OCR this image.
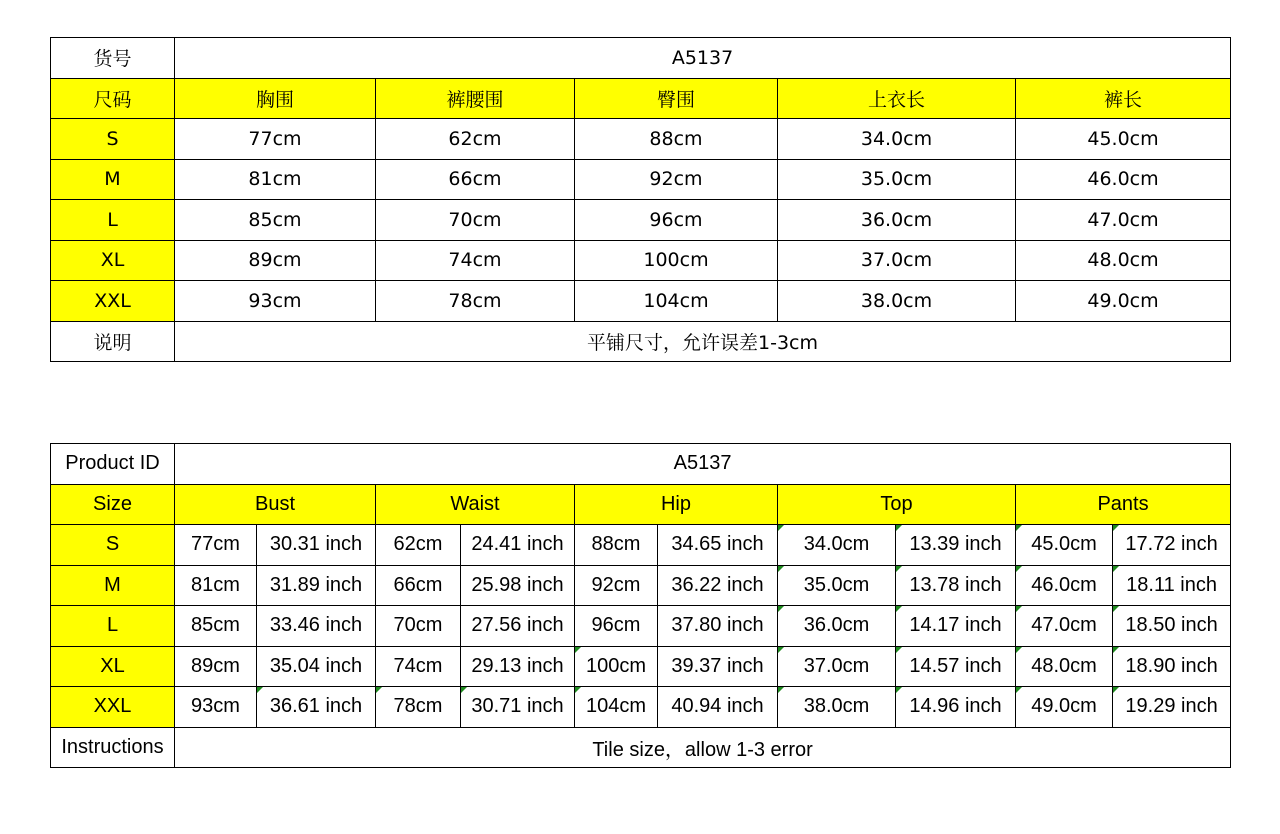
货号	A5137				
尺码	胸围	裤腰围	臀围	上衣长	裤长
S	77cm	62cm	88cm	34.0cm	45.0cm
M	81cm	66cm	92cm	35.0cm	46.0cm
L	85cm	70cm	96cm	36.0cm	47.0cm
XL	89cm	74cm	100cm	37.0cm	48.0cm
XXL	93cm	78cm	104cm	38.0cm	49.0cm
说明	平铺尺寸，允许误差1-3cm				
Product ID	A5137									
Size	Bust		Waist		Hip		Top		Pants	
S	77cm	30.31 inch	62cm	24.41 inch	88cm	34.65 inch	34.0cm	13.39 inch	45.0cm	17.72 inch
M	81cm	31.89 inch	66cm	25.98 inch	92cm	36.22 inch	35.0cm	13.78 inch	46.0cm	18.11 inch
L	85cm	33.46 inch	70cm	27.56 inch	96cm	37.80 inch	36.0cm	14.17 inch	47.0cm	18.50 inch
XL	89cm	35.04 inch	74cm	29.13 inch	100cm	39.37 inch	37.0cm	14.57 inch	48.0cm	18.90 inch
XXL	93cm	36.61 inch	78cm	30.71 inch	104cm	40.94 inch	38.0cm	14.96 inch	49.0cm	19.29 inch
Instructions	Tile size，allow 1-3 error									
